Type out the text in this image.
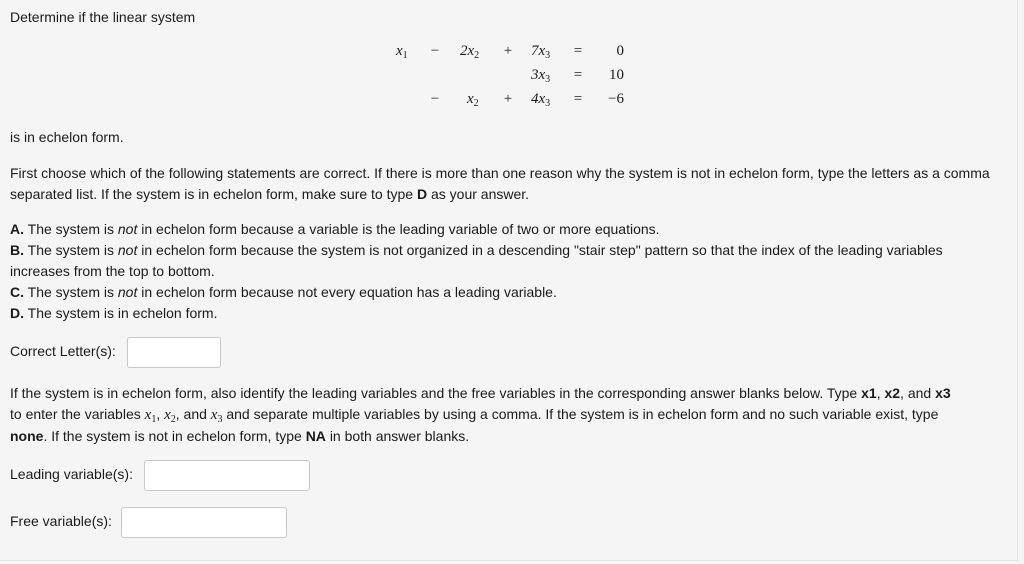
Determine if the linear system
$x_1 - 2x_2 + 7x_3$ =	0
$3x_3$ =	10
− $x_2 + 4x_3$ =	−6
is in echelon form.
First choose which of the following statements are correct. If there is more than one reason why the system is not in echelon form, type the letters as a comma separated list. If the system is in echelon form, make sure to type D as your answer.
A. The system is not in echelon form because a variable is the leading variable of two or more equations.
B. The system is not in echelon form because the system is not organized in a descending "stair step" pattern so that the index of the leading variables
increases from the top to bottom.
C. The system is not in echelon form because not every equation has a leading variable.
D. The system is in echelon form.
Correct Letter(s):
If the system is in echelon form, also identify the leading variables and the free variables in the corresponding answer blanks below. Type x1, x2, and x3
to enter the variables $x_1$, $x_2$, and $x_3$ and separate multiple variables by using a comma. If the system is in echelon form and no such variable exist, type
none. If the system is not in echelon form, type NA in both answer blanks.
Leading variable(s):
Free variable(s):
